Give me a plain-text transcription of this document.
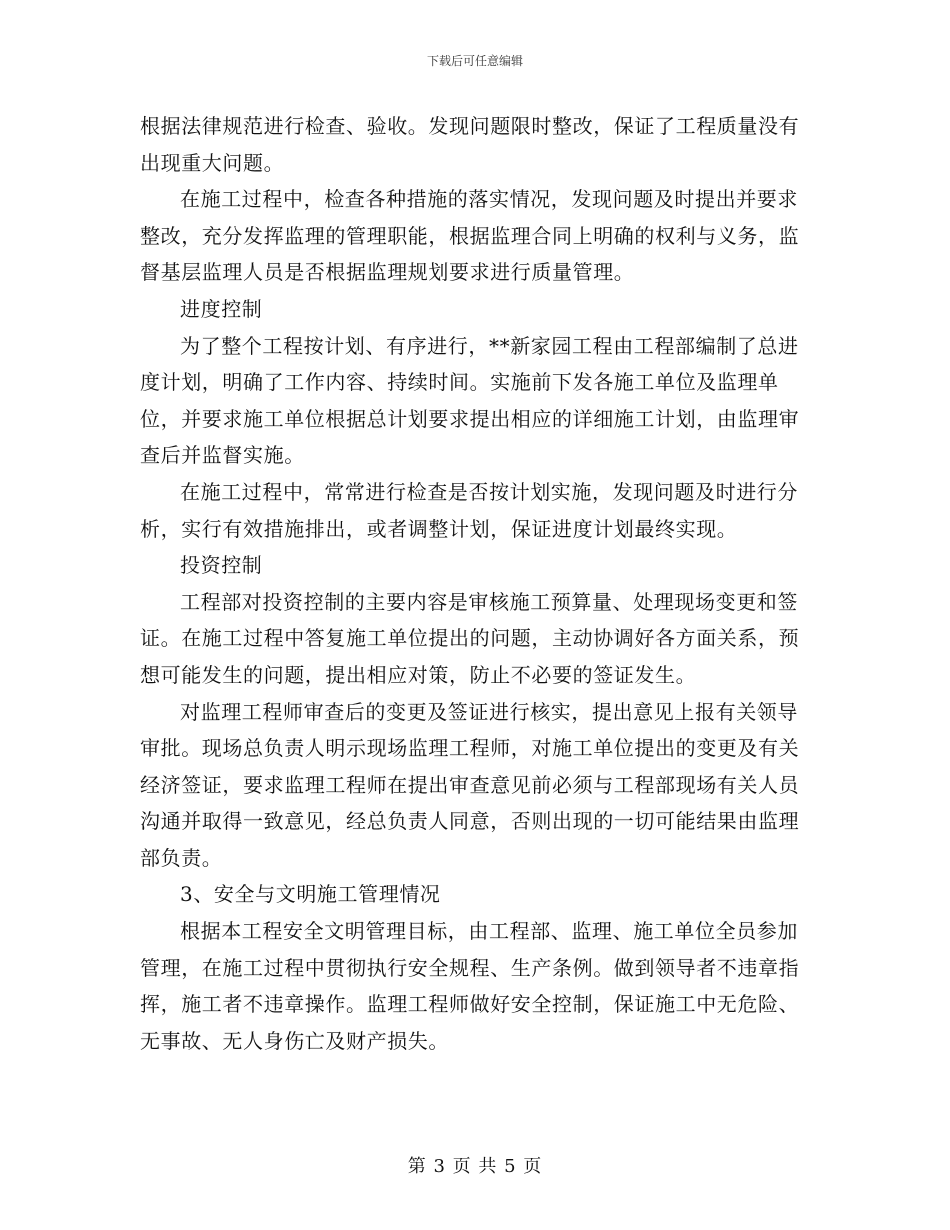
下载后可任意编辑

根据法律规范进行检查、验收。发现问题限时整改，保证了工程质量没有出现重大问题。

在施工过程中，检查各种措施的落实情况，发现问题及时提出并要求整改，充分发挥监理的管理职能，根据监理合同上明确的权利与义务，监督基层监理人员是否根据监理规划要求进行质量管理。

进度控制

为了整个工程按计划、有序进行，**新家园工程由工程部编制了总进度计划，明确了工作内容、持续时间。实施前下发各施工单位及监理单位，并要求施工单位根据总计划要求提出相应的详细施工计划，由监理审查后并监督实施。

在施工过程中，常常进行检查是否按计划实施，发现问题及时进行分析，实行有效措施排出，或者调整计划，保证进度计划最终实现。

投资控制

工程部对投资控制的主要内容是审核施工预算量、处理现场变更和签证。在施工过程中答复施工单位提出的问题，主动协调好各方面关系，预想可能发生的问题，提出相应对策，防止不必要的签证发生。

对监理工程师审查后的变更及签证进行核实，提出意见上报有关领导审批。现场总负责人明示现场监理工程师，对施工单位提出的变更及有关经济签证，要求监理工程师在提出审查意见前必须与工程部现场有关人员沟通并取得一致意见，经总负责人同意，否则出现的一切可能结果由监理部负责。

3、安全与文明施工管理情况

根据本工程安全文明管理目标，由工程部、监理、施工单位全员参加管理，在施工过程中贯彻执行安全规程、生产条例。做到领导者不违章指挥，施工者不违章操作。监理工程师做好安全控制，保证施工中无危险、无事故、无人身伤亡及财产损失。

第 3 页 共 5 页
